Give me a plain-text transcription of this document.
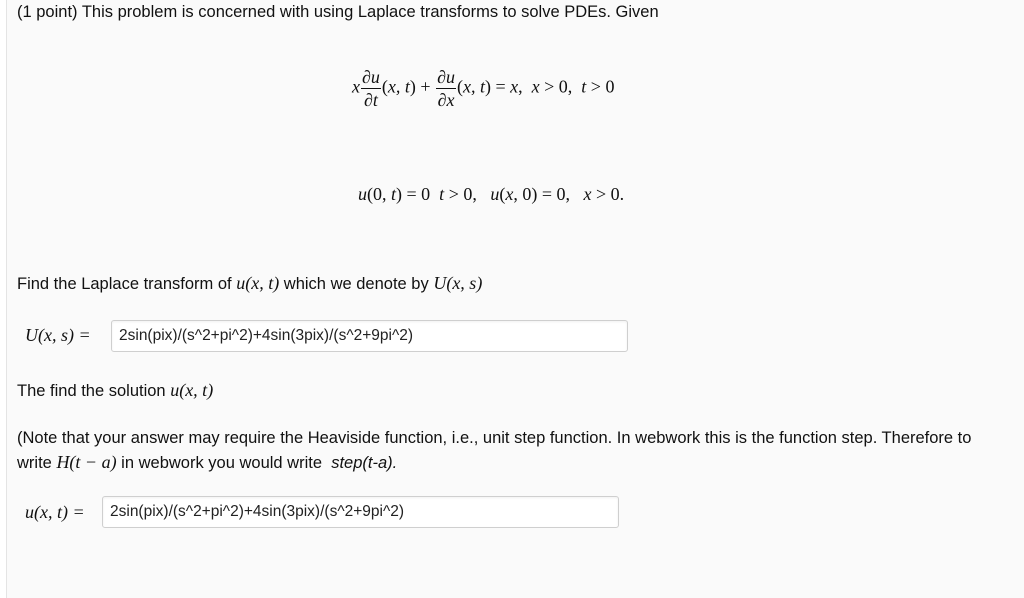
(1 point) This problem is concerned with using Laplace transforms to solve PDEs. Given
x $\frac{\partial u}{\partial t} (x$, $t) + \frac{\partial u}{\partial x} (x$, t) = x,  x > 0,  t > 0
u(0, t) = 0  t > 0,   u(x, 0) = 0,   x > 0.
Find the Laplace transform of u(x, t) which we denote by U(x, s)
U(x, s) =	2sin(pix)/(s^2+pi^2)+4sin(3pix)/(s^2+9pi^2)
The find the solution u(x, t)
(Note that your answer may require the Heaviside function, i.e., unit step function. In webwork this is the function step. Therefore to write H(t − a) in webwork you would write step(t-a).
u(x, t) =	2sin(pix)/(s^2+pi^2)+4sin(3pix)/(s^2+9pi^2)
